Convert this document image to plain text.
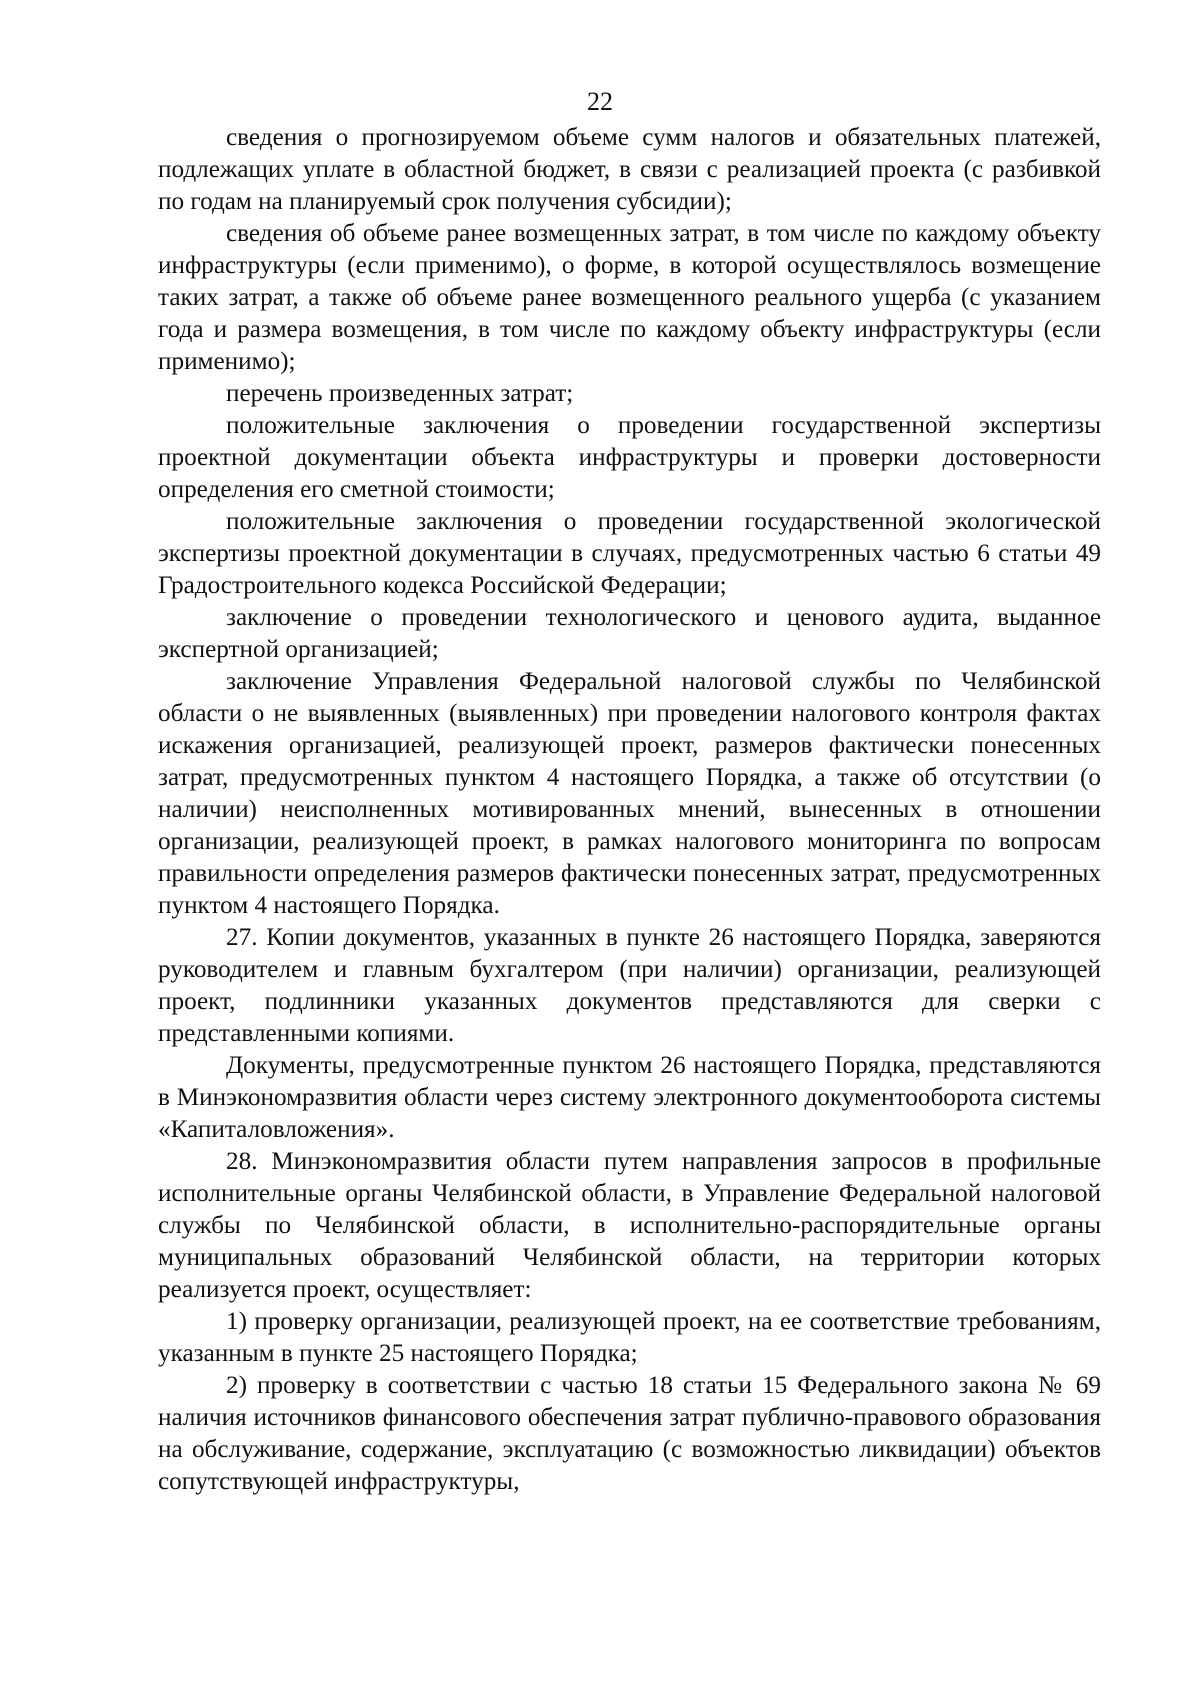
22

сведения о прогнозируемом объеме сумм налогов и обязательных платежей, подлежащих уплате в областной бюджет, в связи с реализацией проекта (с разбивкой по годам на планируемый срок получения субсидии);

сведения об объеме ранее возмещенных затрат, в том числе по каждому объекту инфраструктуры (если применимо), о форме, в которой осуществлялось возмещение таких затрат, а также об объеме ранее возмещенного реального ущерба (с указанием года и размера возмещения, в том числе по каждому объекту инфраструктуры (если применимо);

перечень произведенных затрат;

положительные заключения о проведении государственной экспертизы проектной документации объекта инфраструктуры и проверки достоверности определения его сметной стоимости;

положительные заключения о проведении государственной экологической экспертизы проектной документации в случаях, предусмотренных частью 6 статьи 49 Градостроительного кодекса Российской Федерации;

заключение о проведении технологического и ценового аудита, выданное экспертной организацией;

заключение Управления Федеральной налоговой службы по Челябинской области о не выявленных (выявленных) при проведении налогового контроля фактах искажения организацией, реализующей проект, размеров фактически понесенных затрат, предусмотренных пунктом 4 настоящего Порядка, а также об отсутствии (о наличии) неисполненных мотивированных мнений, вынесенных в отношении организации, реализующей проект, в рамках налогового мониторинга по вопросам правильности определения размеров фактически понесенных затрат, предусмотренных пунктом 4 настоящего Порядка.

27. Копии документов, указанных в пункте 26 настоящего Порядка, заверяются руководителем и главным бухгалтером (при наличии) организации, реализующей проект, подлинники указанных документов представляются для сверки с представленными копиями.

Документы, предусмотренные пунктом 26 настоящего Порядка, представляются в Минэкономразвития области через систему электронного документооборота системы «Капиталовложения».

28. Минэкономразвития области путем направления запросов в профильные исполнительные органы Челябинской области, в Управление Федеральной налоговой службы по Челябинской области, в исполнительно-распорядительные органы муниципальных образований Челябинской области, на территории которых реализуется проект, осуществляет:

1) проверку организации, реализующей проект, на ее соответствие требованиям, указанным в пункте 25 настоящего Порядка;

2) проверку в соответствии с частью 18 статьи 15 Федерального закона № 69 наличия источников финансового обеспечения затрат публично-правового образования на обслуживание, содержание, эксплуатацию (с возможностью ликвидации) объектов сопутствующей инфраструктуры,
